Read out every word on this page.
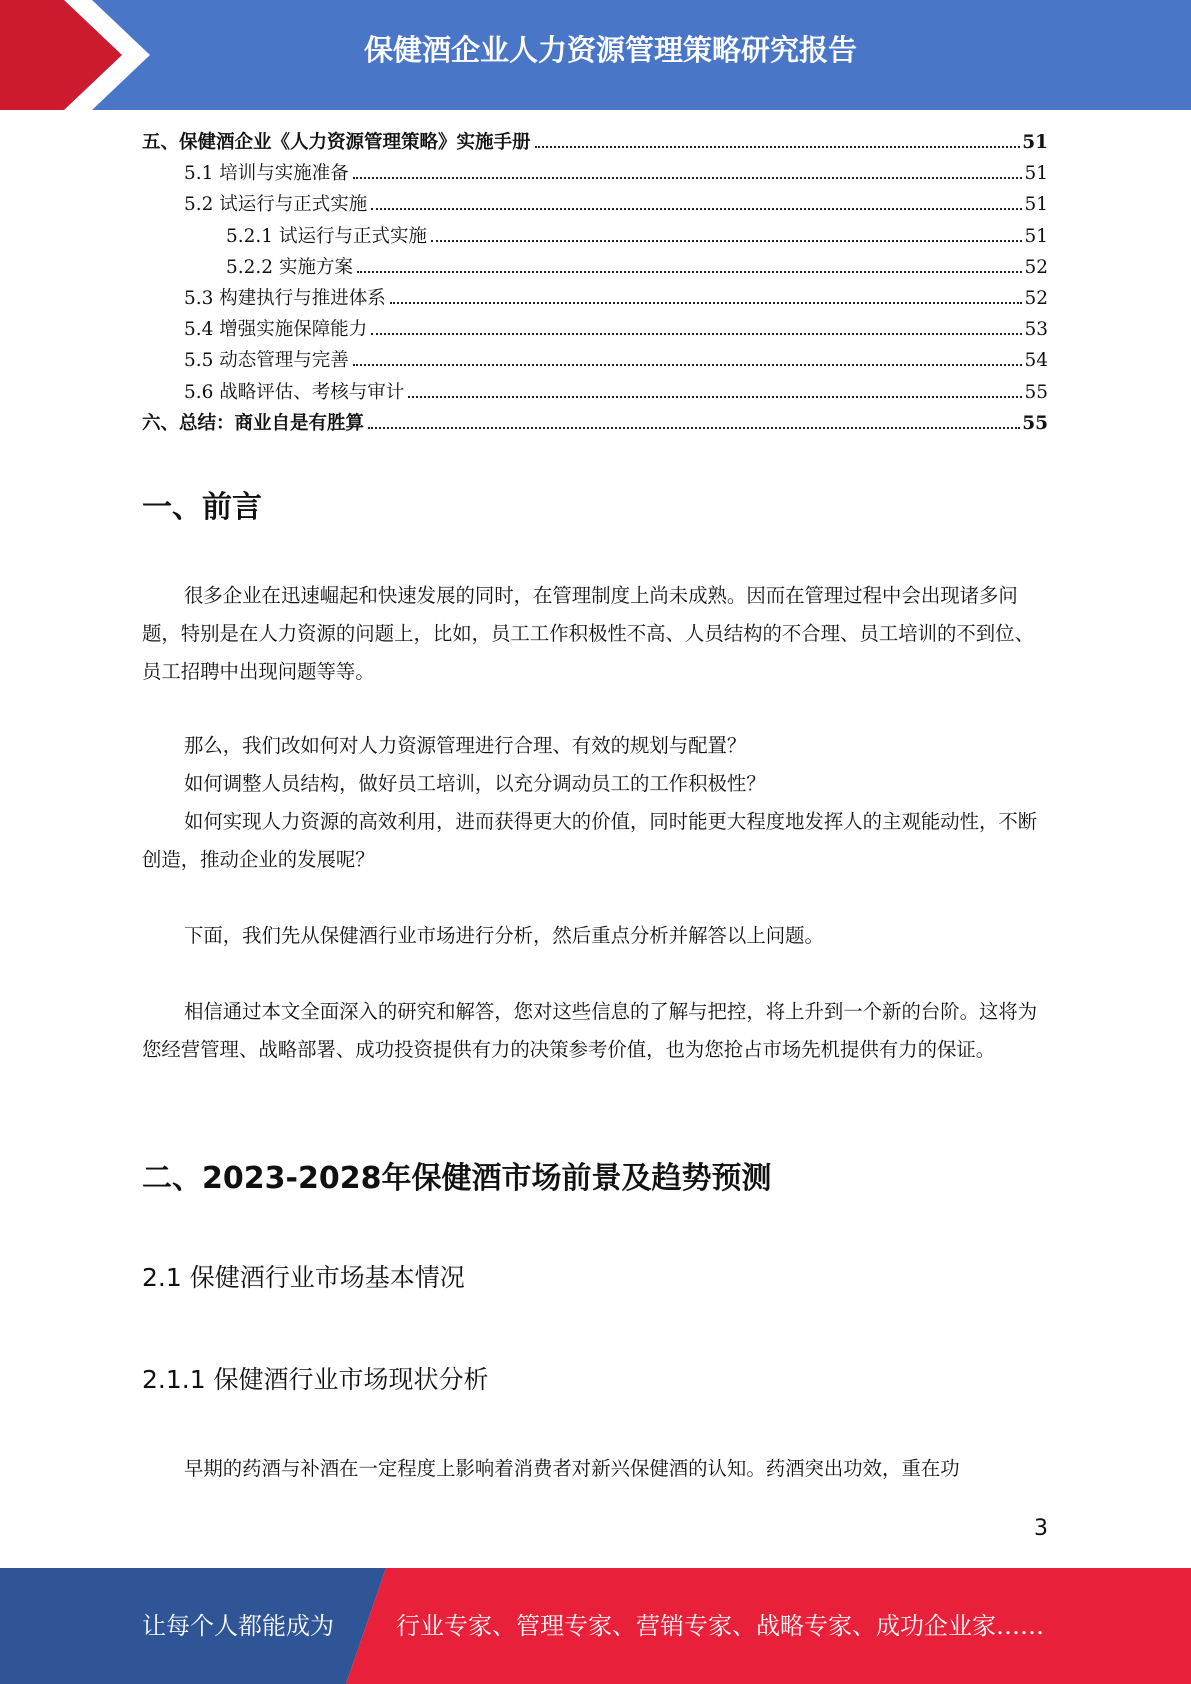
保健酒企业人力资源管理策略研究报告
五、保健酒企业《人力资源管理策略》实施手册	51
5.1 培训与实施准备	51
5.2 试运行与正式实施	51
5.2.1 试运行与正式实施	51
5.2.2 实施方案	52
5.3 构建执行与推进体系	52
5.4 增强实施保障能力	53
5.5 动态管理与完善	54
5.6 战略评估、考核与审计	55
六、总结：商业自是有胜算	55
一、前言

很多企业在迅速崛起和快速发展的同时，在管理制度上尚未成熟。因而在管理过程中会出现诸多问题，特别是在人力资源的问题上，比如，员工工作积极性不高、人员结构的不合理、员工培训的不到位、员工招聘中出现问题等等。

那么，我们改如何对人力资源管理进行合理、有效的规划与配置？

如何调整人员结构，做好员工培训，以充分调动员工的工作积极性？

如何实现人力资源的高效利用，进而获得更大的价值，同时能更大程度地发挥人的主观能动性，不断创造，推动企业的发展呢？

下面，我们先从保健酒行业市场进行分析，然后重点分析并解答以上问题。

相信通过本文全面深入的研究和解答，您对这些信息的了解与把控，将上升到一个新的台阶。这将为您经营管理、战略部署、成功投资提供有力的决策参考价值，也为您抢占市场先机提供有力的保证。

二、2023-2028年保健酒市场前景及趋势预测
2.1 保健酒行业市场基本情况
2.1.1 保健酒行业市场现状分析

早期的药酒与补酒在一定程度上影响着消费者对新兴保健酒的认知。药酒突出功效，重在功

3
让每个人都能成为	行业专家、管理专家、营销专家、战略专家、成功企业家……
